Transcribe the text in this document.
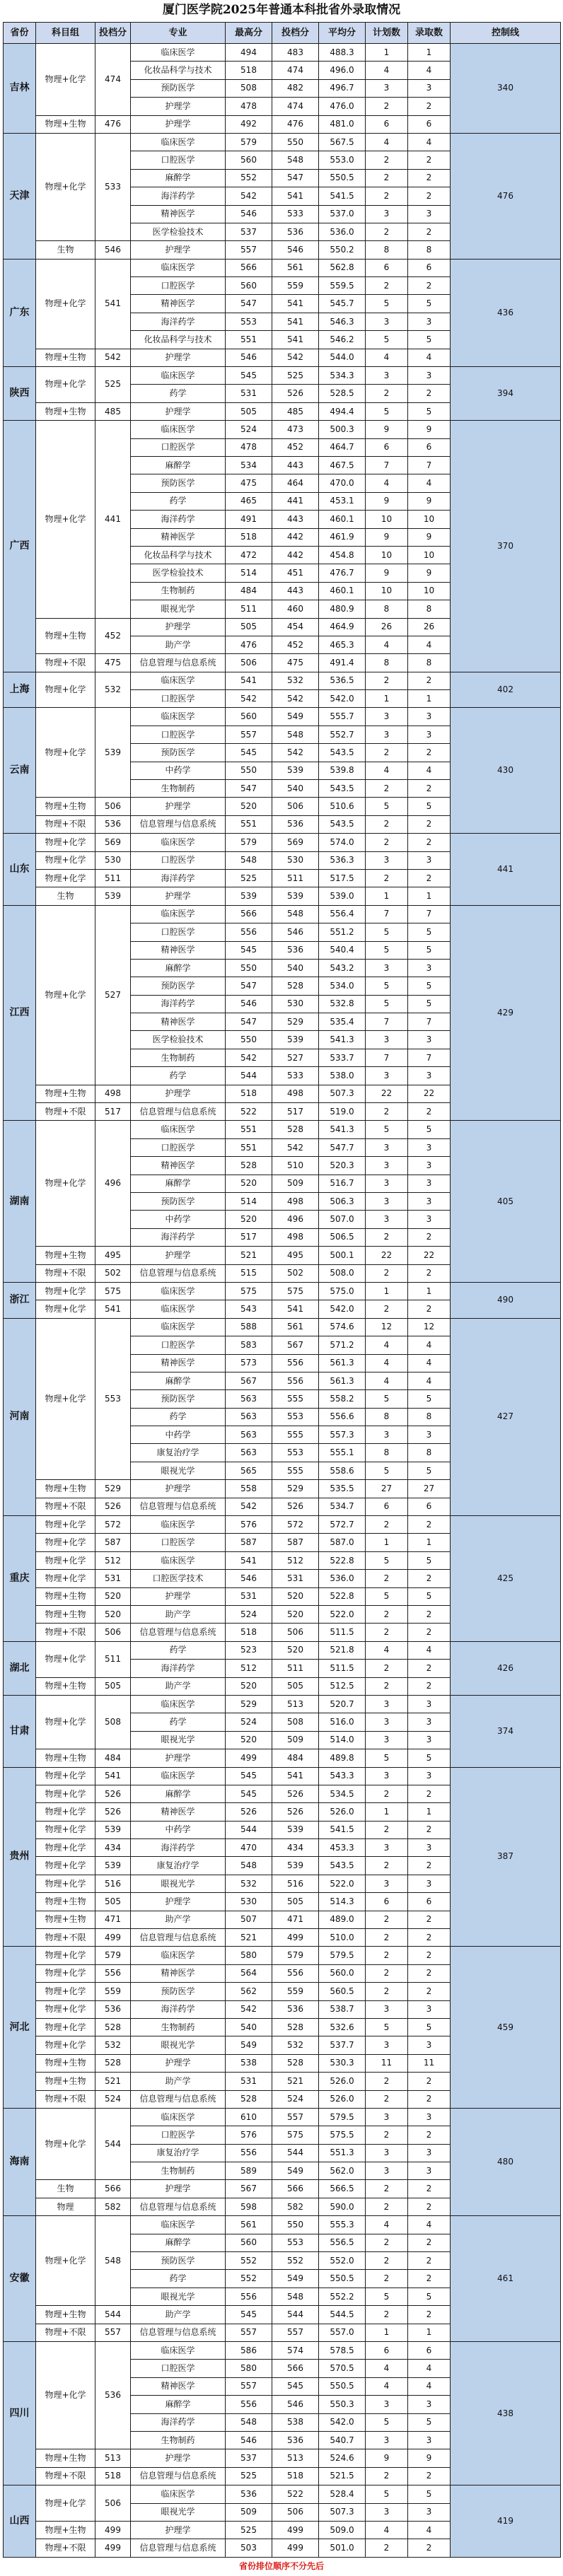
厦门医学院2025年普通本科批省外录取情况
省份	科目组	投档分	专业	最高分	投档分	平均分	计划数	录取数	控制线
吉林	物理+化学	474	临床医学	494	483	488.3	1	1	340
			化妆品科学与技术	518	474	496.0	4	4	
			预防医学	508	482	496.7	3	3	
			护理学	478	474	476.0	2	2	
	物理+生物	476	护理学	492	476	481.0	6	6	
天津	物理+化学	533	临床医学	579	550	567.5	4	4	476
			口腔医学	560	548	553.0	2	2	
			麻醉学	552	547	550.5	2	2	
			海洋药学	542	541	541.5	2	2	
			精神医学	546	533	537.0	3	3	
			医学检验技术	537	536	536.0	2	2	
	生物	546	护理学	557	546	550.2	8	8	
广东	物理+化学	541	临床医学	566	561	562.8	6	6	436
			口腔医学	560	559	559.5	2	2	
			精神医学	547	541	545.7	5	5	
			海洋药学	553	541	546.3	3	3	
			化妆品科学与技术	551	541	546.2	5	5	
	物理+生物	542	护理学	546	542	544.0	4	4	
陕西	物理+化学	525	临床医学	545	525	534.3	3	3	394
			药学	531	526	528.5	2	2	
	物理+生物	485	护理学	505	485	494.4	5	5	
广西	物理+化学	441	临床医学	524	473	500.3	9	9	370
			口腔医学	478	452	464.7	6	6	
			麻醉学	534	443	467.5	7	7	
			预防医学	475	464	470.0	4	4	
			药学	465	441	453.1	9	9	
			海洋药学	491	443	460.1	10	10	
			精神医学	518	442	461.9	9	9	
			化妆品科学与技术	472	442	454.8	10	10	
			医学检验技术	514	451	476.7	9	9	
			生物制药	484	443	460.1	10	10	
			眼视光学	511	460	480.9	8	8	
	物理+生物	452	护理学	505	454	464.9	26	26	
			助产学	476	452	465.3	4	4	
	物理+不限	475	信息管理与信息系统	506	475	491.4	8	8	
上海	物理+化学	532	临床医学	541	532	536.5	2	2	402
			口腔医学	542	542	542.0	1	1	
云南	物理+化学	539	临床医学	560	549	555.7	3	3	430
			口腔医学	557	548	552.7	3	3	
			预防医学	545	542	543.5	2	2	
			中药学	550	539	539.8	4	4	
			生物制药	547	540	543.5	2	2	
	物理+生物	506	护理学	520	506	510.6	5	5	
	物理+不限	536	信息管理与信息系统	551	536	543.5	2	2	
山东	物理+化学	569	临床医学	579	569	574.0	2	2	441
	物理+化学	530	口腔医学	548	530	536.3	3	3	
	物理+化学	511	海洋药学	525	511	517.5	2	2	
	生物	539	护理学	539	539	539.0	1	1	
江西	物理+化学	527	临床医学	566	548	556.4	7	7	429
			口腔医学	556	546	551.2	5	5	
			精神医学	545	536	540.4	5	5	
			麻醉学	550	540	543.2	3	3	
			预防医学	547	528	534.0	5	5	
			海洋药学	546	530	532.8	5	5	
			精神医学	547	529	535.4	7	7	
			医学检验技术	550	539	541.3	3	3	
			生物制药	542	527	533.7	7	7	
			药学	544	533	538.0	3	3	
	物理+生物	498	护理学	518	498	507.3	22	22	
	物理+不限	517	信息管理与信息系统	522	517	519.0	2	2	
湖南	物理+化学	496	临床医学	551	528	541.3	5	5	405
			口腔医学	551	542	547.7	3	3	
			精神医学	528	510	520.3	3	3	
			麻醉学	520	509	516.7	3	3	
			预防医学	514	498	506.3	3	3	
			中药学	520	496	507.0	3	3	
			海洋药学	517	498	506.5	2	2	
	物理+生物	495	护理学	521	495	500.1	22	22	
	物理+不限	502	信息管理与信息系统	515	502	508.0	2	2	
浙江	物理+化学	575	临床医学	575	575	575.0	1	1	490
	物理+化学	541	临床医学	543	541	542.0	2	2	
河南	物理+化学	553	临床医学	588	561	574.6	12	12	427
			口腔医学	583	567	571.2	4	4	
			精神医学	573	556	561.3	4	4	
			麻醉学	567	556	561.3	4	4	
			预防医学	563	555	558.2	5	5	
			药学	563	553	556.6	8	8	
			中药学	563	555	557.3	3	3	
			康复治疗学	563	553	555.1	8	8	
			眼视光学	565	555	558.6	5	5	
	物理+生物	529	护理学	558	529	535.5	27	27	
	物理+不限	526	信息管理与信息系统	542	526	534.7	6	6	
重庆	物理+化学	572	临床医学	576	572	572.7	2	2	425
	物理+化学	587	口腔医学	587	587	587.0	1	1	
	物理+化学	512	临床医学	541	512	522.8	5	5	
	物理+化学	531	口腔医学技术	546	531	536.0	2	2	
	物理+生物	520	护理学	531	520	522.8	5	5	
	物理+生物	520	助产学	524	520	522.0	2	2	
	物理+不限	506	信息管理与信息系统	518	506	511.5	2	2	
湖北	物理+化学	511	药学	523	520	521.8	4	4	426
			海洋药学	512	511	511.5	2	2	
	物理+生物	505	助产学	520	505	512.5	2	2	
甘肃	物理+化学	508	临床医学	529	513	520.7	3	3	374
			药学	524	508	516.0	3	3	
			眼视光学	520	509	514.0	3	3	
	物理+生物	484	护理学	499	484	489.8	5	5	
贵州	物理+化学	541	临床医学	545	541	543.3	3	3	387
	物理+化学	526	麻醉学	545	526	534.5	2	2	
	物理+化学	526	精神医学	526	526	526.0	1	1	
	物理+化学	539	中药学	544	539	541.5	2	2	
	物理+化学	434	海洋药学	470	434	453.3	3	3	
	物理+化学	539	康复治疗学	548	539	543.5	2	2	
	物理+化学	516	眼视光学	532	516	522.0	3	3	
	物理+生物	505	护理学	530	505	514.3	6	6	
	物理+生物	471	助产学	507	471	489.0	2	2	
	物理+不限	499	信息管理与信息系统	521	499	510.0	2	2	
河北	物理+化学	579	临床医学	580	579	579.5	2	2	459
	物理+化学	556	精神医学	564	556	560.0	2	2	
	物理+化学	559	预防医学	562	559	560.5	2	2	
	物理+化学	536	海洋药学	542	536	538.7	3	3	
	物理+化学	528	生物制药	540	528	532.6	5	5	
	物理+化学	532	眼视光学	549	532	537.7	3	3	
	物理+生物	528	护理学	538	528	530.3	11	11	
	物理+生物	521	助产学	531	521	526.0	2	2	
	物理+不限	524	信息管理与信息系统	528	524	526.0	2	2	
海南	物理+化学	544	临床医学	610	557	579.5	3	3	480
			口腔医学	576	575	575.5	2	2	
			康复治疗学	556	544	551.3	3	3	
			生物制药	589	549	562.0	3	3	
	生物	566	护理学	567	566	566.5	2	2	
	物理	582	信息管理与信息系统	598	582	590.0	2	2	
安徽	物理+化学	548	临床医学	561	550	555.3	4	4	461
			麻醉学	560	553	556.5	2	2	
			预防医学	552	552	552.0	2	2	
			药学	552	549	550.5	2	2	
			眼视光学	556	548	552.2	5	5	
	物理+生物	544	助产学	545	544	544.5	2	2	
	物理+不限	557	信息管理与信息系统	557	557	557.0	1	1	
四川	物理+化学	536	临床医学	586	574	578.5	6	6	438
			口腔医学	580	566	570.5	4	4	
			精神医学	557	545	550.5	4	4	
			麻醉学	556	546	550.3	3	3	
			海洋药学	548	538	542.0	5	5	
			生物制药	546	536	540.7	3	3	
	物理+生物	513	护理学	537	513	524.6	9	9	
	物理+不限	518	信息管理与信息系统	525	518	521.5	2	2	
山西	物理+化学	506	临床医学	536	522	528.4	5	5	419
			眼视光学	509	506	507.3	3	3	
	物理+生物	499	护理学	525	499	509.0	4	4	
	物理+不限	499	信息管理与信息系统	503	499	501.0	2	2	
省份排位顺序不分先后
